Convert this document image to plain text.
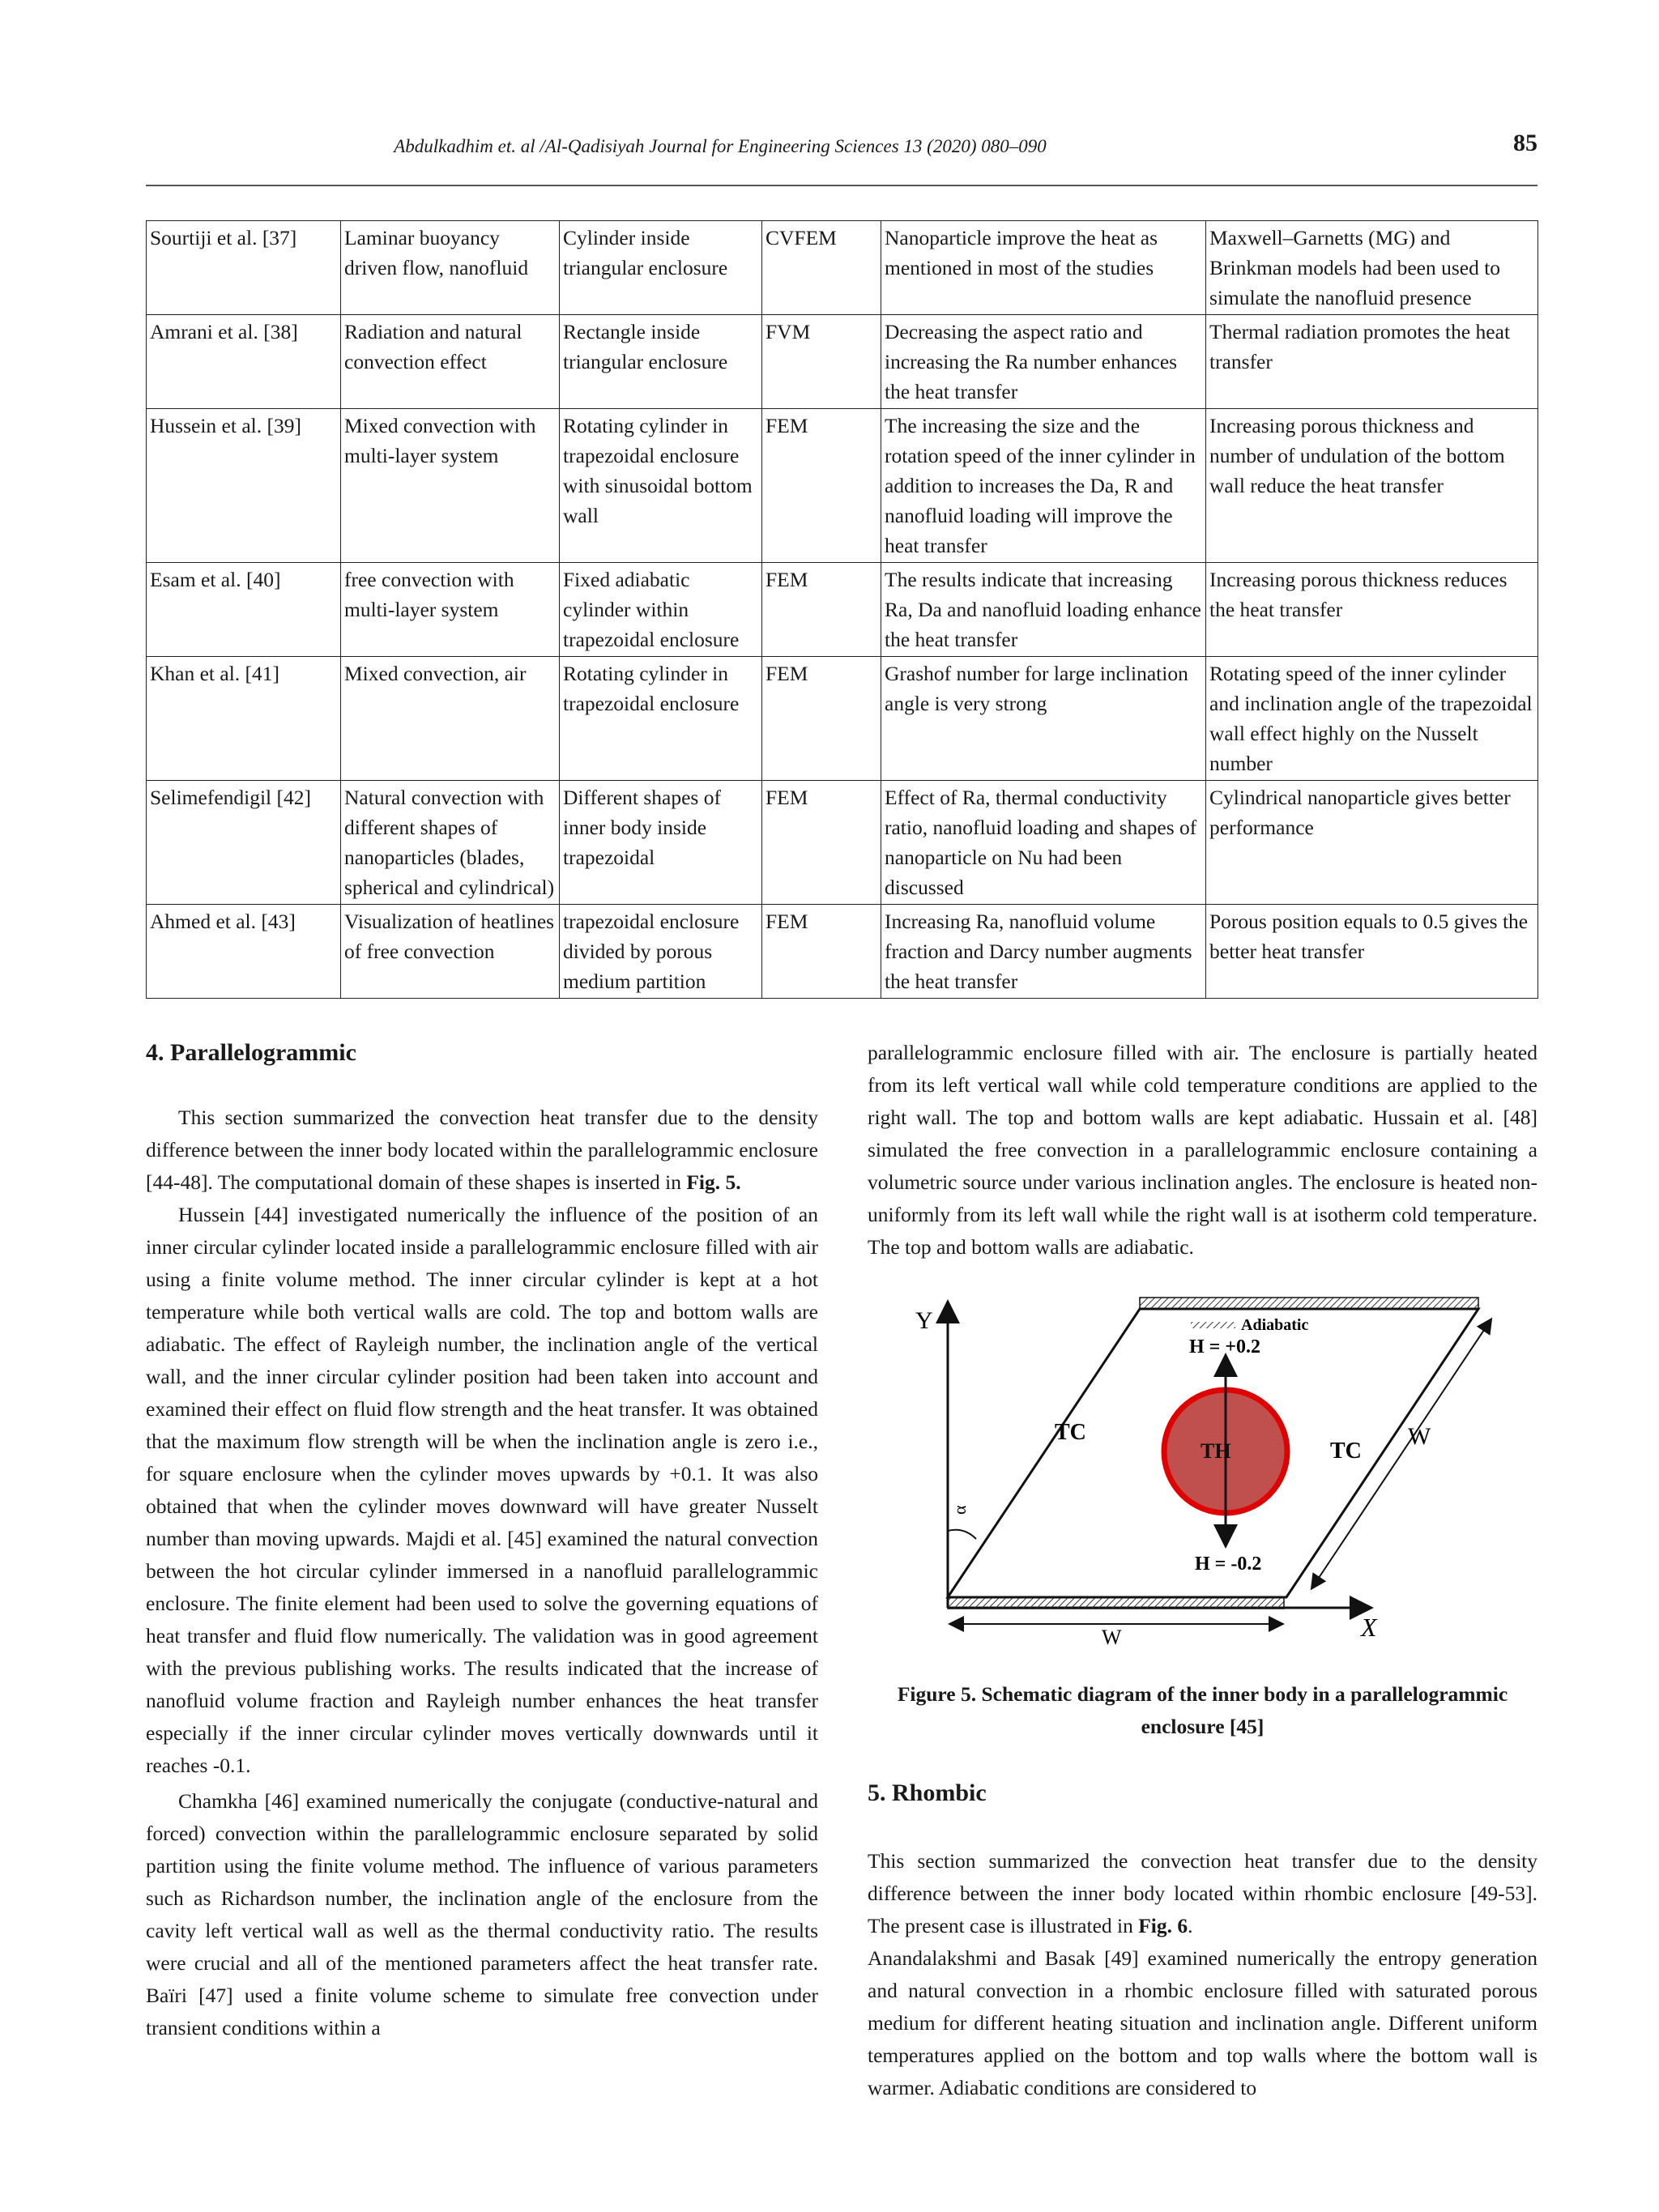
Abdulkadhim et. al /Al-Qadisiyah Journal for Engineering Sciences 13 (2020) 080–090	85
Sourtiji et al. [37]	Laminar buoyancy driven flow, nanofluid	Cylinder inside triangular enclosure	CVFEM	Nanoparticle improve the heat as mentioned in most of the studies	Maxwell–Garnetts (MG) and Brinkman models had been used to simulate the nanofluid presence
Amrani et al. [38]	Radiation and natural convection effect	Rectangle inside triangular enclosure	FVM	Decreasing the aspect ratio and increasing the Ra number enhances the heat transfer	Thermal radiation promotes the heat transfer
Hussein et al. [39]	Mixed convection with multi-layer system	Rotating cylinder in trapezoidal enclosure with sinusoidal bottom wall	FEM	The increasing the size and the rotation speed of the inner cylinder in addition to increases the Da, R and nanofluid loading will improve the heat transfer	Increasing porous thickness and number of undulation of the bottom wall reduce the heat transfer
Esam et al. [40]	free convection with multi-layer system	Fixed adiabatic cylinder within trapezoidal enclosure	FEM	The results indicate that increasing Ra, Da and nanofluid loading enhance the heat transfer	Increasing porous thickness reduces the heat transfer
Khan et al. [41]	Mixed convection, air	Rotating cylinder in trapezoidal enclosure	FEM	Grashof number for large inclination angle is very strong	Rotating speed of the inner cylinder and inclination angle of the trapezoidal wall effect highly on the Nusselt number
Selimefendigil [42]	Natural convection with different shapes of nanoparticles (blades, spherical and cylindrical)	Different shapes of inner body inside trapezoidal	FEM	Effect of Ra, thermal conductivity ratio, nanofluid loading and shapes of nanoparticle on Nu had been discussed	Cylindrical nanoparticle gives better performance
Ahmed et al. [43]	Visualization of heatlines of free convection	trapezoidal enclosure divided by porous medium partition	FEM	Increasing Ra, nanofluid volume fraction and Darcy number augments the heat transfer	Porous position equals to 0.5 gives the better heat transfer
4. Parallelogrammic

This section summarized the convection heat transfer due to the density difference between the inner body located within the parallelogrammic enclosure [44-48]. The computational domain of these shapes is inserted in Fig. 5.

Hussein [44] investigated numerically the influence of the position of an inner circular cylinder located inside a parallelogrammic enclosure filled with air using a finite volume method. The inner circular cylinder is kept at a hot temperature while both vertical walls are cold. The top and bottom walls are adiabatic. The effect of Rayleigh number, the inclination angle of the vertical wall, and the inner circular cylinder position had been taken into account and examined their effect on fluid flow strength and the heat transfer. It was obtained that the maximum flow strength will be when the inclination angle is zero i.e., for square enclosure when the cylinder moves upwards by +0.1. It was also obtained that when the cylinder moves downward will have greater Nusselt number than moving upwards. Majdi et al. [45] examined the natural convection between the hot circular cylinder immersed in a nanofluid parallelogrammic enclosure. The finite element had been used to solve the governing equations of heat transfer and fluid flow numerically. The validation was in good agreement with the previous publishing works. The results indicated that the increase of nanofluid volume fraction and Rayleigh number enhances the heat transfer especially if the inner circular cylinder moves vertically downwards until it reaches -0.1.

Chamkha [46] examined numerically the conjugate (conductive-natural and forced) convection within the parallelogrammic enclosure separated by solid partition using the finite volume method. The influence of various parameters such as Richardson number, the inclination angle of the enclosure from the cavity left vertical wall as well as the thermal conductivity ratio. The results were crucial and all of the mentioned parameters affect the heat transfer rate. Baïri [47] used a finite volume scheme to simulate free convection under transient conditions within a

parallelogrammic enclosure filled with air. The enclosure is partially heated from its left vertical wall while cold temperature conditions are applied to the right wall. The top and bottom walls are kept adiabatic. Hussain et al. [48] simulated the free convection in a parallelogrammic enclosure containing a volumetric source under various inclination angles. The enclosure is heated non-uniformly from its left wall while the right wall is at isotherm cold temperature. The top and bottom walls are adiabatic.

Y
X
Adiabatic
H = +0.2
H = -0.2
TH
TC
TC
W
W
α
Figure 5. Schematic diagram of the inner body in a parallelogrammic enclosure [45]
5. Rhombic

This section summarized the convection heat transfer due to the density difference between the inner body located within rhombic enclosure [49-53]. The present case is illustrated in Fig. 6.

Anandalakshmi and Basak [49] examined numerically the entropy generation and natural convection in a rhombic enclosure filled with saturated porous medium for different heating situation and inclination angle. Different uniform temperatures applied on the bottom and top walls where the bottom wall is warmer. Adiabatic conditions are considered to
